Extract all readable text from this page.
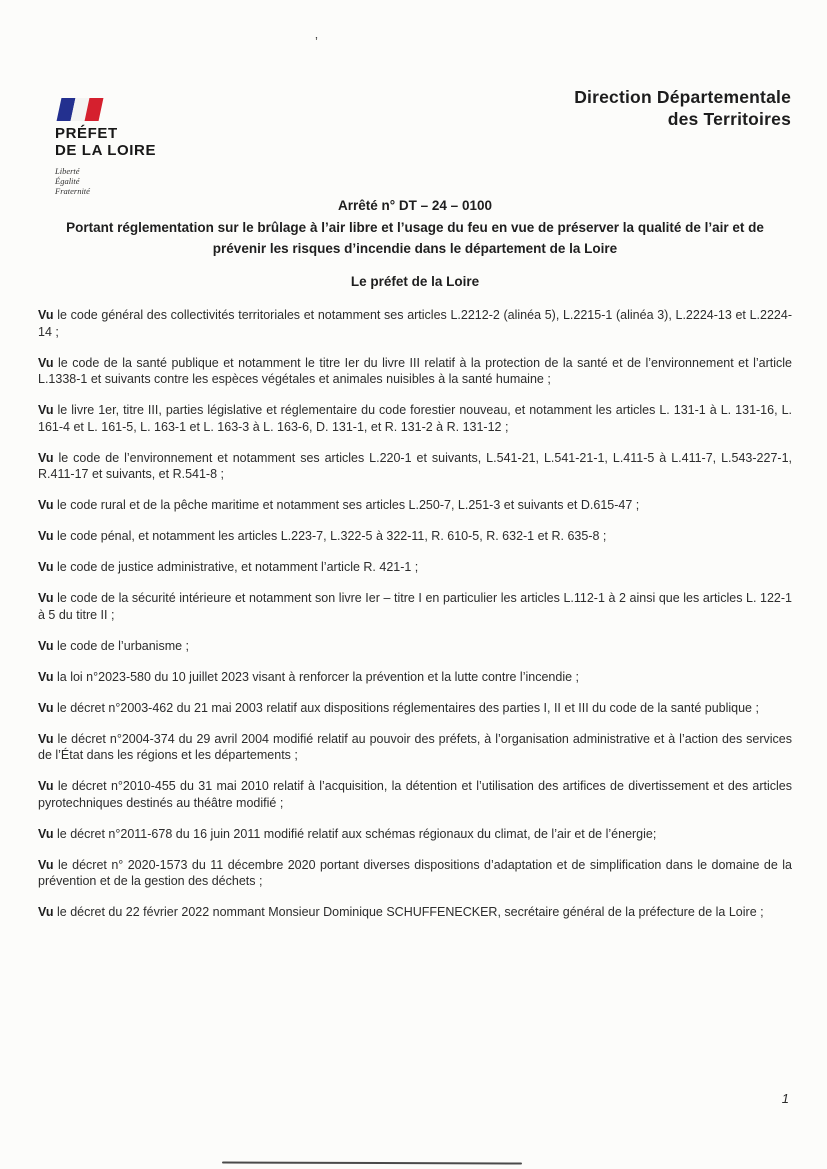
’
PRÉFET
DE LA LOIRE
Liberté
Égalité
Fraternité
Direction Départementale
des Territoires
Arrêté n° DT – 24 – 0100
Portant réglementation sur le brûlage à l’air libre et l’usage du feu en vue de préserver la qualité de l’air et de prévenir les risques d’incendie dans le département de la Loire
Le préfet de la Loire

Vu le code général des collectivités territoriales et notamment ses articles L.2212-2 (alinéa 5), L.2215-1 (alinéa 3), L.2224-13 et L.2224-14 ;

Vu le code de la santé publique et notamment le titre Ier du livre III relatif à la protection de la santé et de l’environnement et l’article L.1338-1 et suivants contre les espèces végétales et animales nuisibles à la santé humaine ;

Vu le livre 1er, titre III, parties législative et réglementaire du code forestier nouveau, et notamment les articles L. 131-1 à L. 131-16, L. 161-4 et L. 161-5, L. 163-1 et L. 163-3 à L. 163-6, D. 131-1, et R. 131-2 à R. 131-12 ;

Vu le code de l’environnement et notamment ses articles L.220-1 et suivants, L.541-21, L.541-21-1, L.411-5 à L.411-7, L.543-227-1, R.411-17 et suivants, et R.541-8 ;

Vu le code rural et de la pêche maritime et notamment ses articles L.250-7, L.251-3 et suivants et D.615-47 ;

Vu le code pénal, et notamment les articles L.223-7, L.322-5 à 322-11, R. 610-5, R. 632-1 et R. 635-8 ;

Vu le code de justice administrative, et notamment l’article R. 421-1 ;

Vu le code de la sécurité intérieure et notamment son livre Ier – titre I en particulier les articles L.112-1 à 2 ainsi que les articles L. 122-1 à 5 du titre II ;

Vu le code de l’urbanisme ;

Vu la loi n°2023-580 du 10 juillet 2023 visant à renforcer la prévention et la lutte contre l’incendie ;

Vu le décret n°2003-462 du 21 mai 2003 relatif aux dispositions réglementaires des parties I, II et III du code de la santé publique ;

Vu le décret n°2004-374 du 29 avril 2004 modifié relatif au pouvoir des préfets, à l’organisation administrative et à l’action des services de l’État dans les régions et les départements ;

Vu le décret n°2010-455 du 31 mai 2010 relatif à l’acquisition, la détention et l’utilisation des artifices de divertissement et des articles pyrotechniques destinés au théâtre modifié ;

Vu le décret n°2011-678 du 16 juin 2011 modifié relatif aux schémas régionaux du climat, de l’air et de l’énergie;

Vu le décret n° 2020-1573 du 11 décembre 2020 portant diverses dispositions d’adaptation et de simplification dans le domaine de la prévention et de la gestion des déchets ;

Vu le décret du 22 février 2022 nommant Monsieur Dominique SCHUFFENECKER, secrétaire général de la préfecture de la Loire ;

1
